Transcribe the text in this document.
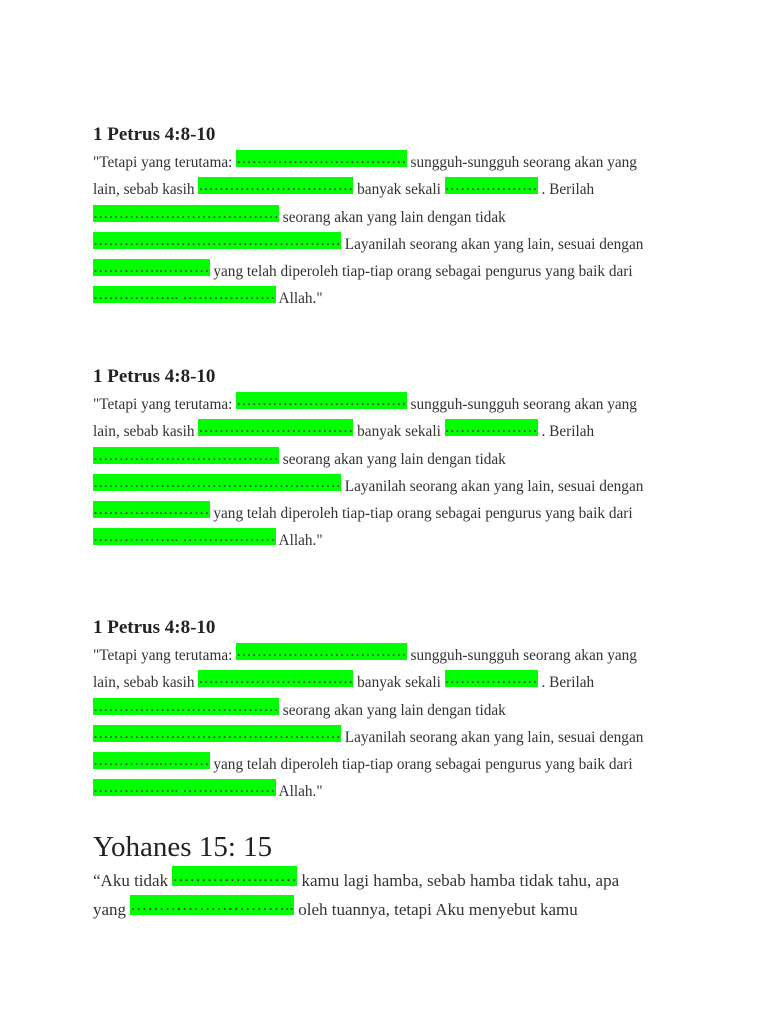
1 Petrus 4:8-10
"Tetapi yang terutama: …………………………… sungguh-sungguh seorang akan yang
lain, sebab kasih ………………………… banyak sekali ……………… . Berilah
……………………………… seorang akan yang lain dengan tidak
………………………………………… Layanilah seorang akan yang lain, sesuai dengan
…………..……… yang telah diperoleh tiap-tiap orang sebagai pengurus yang baik dari
…………….. ……………… Allah."
1 Petrus 4:8-10
"Tetapi yang terutama: …………………………… sungguh-sungguh seorang akan yang
lain, sebab kasih ………………………… banyak sekali ……………… . Berilah
……………………………… seorang akan yang lain dengan tidak
………………………………………… Layanilah seorang akan yang lain, sesuai dengan
…………..……… yang telah diperoleh tiap-tiap orang sebagai pengurus yang baik dari
…………….. ……………… Allah."
1 Petrus 4:8-10
"Tetapi yang terutama: …………………………… sungguh-sungguh seorang akan yang
lain, sebab kasih ………………………… banyak sekali ……………… . Berilah
……………………………… seorang akan yang lain dengan tidak
………………………………………… Layanilah seorang akan yang lain, sesuai dengan
…………..……… yang telah diperoleh tiap-tiap orang sebagai pengurus yang baik dari
…………….. ……………… Allah."
Yohanes 15: 15
“Aku tidak …………….…… kamu lagi hamba, sebab hamba tidak tahu, apa
yang ……………………….. oleh tuannya, tetapi Aku menyebut kamu
